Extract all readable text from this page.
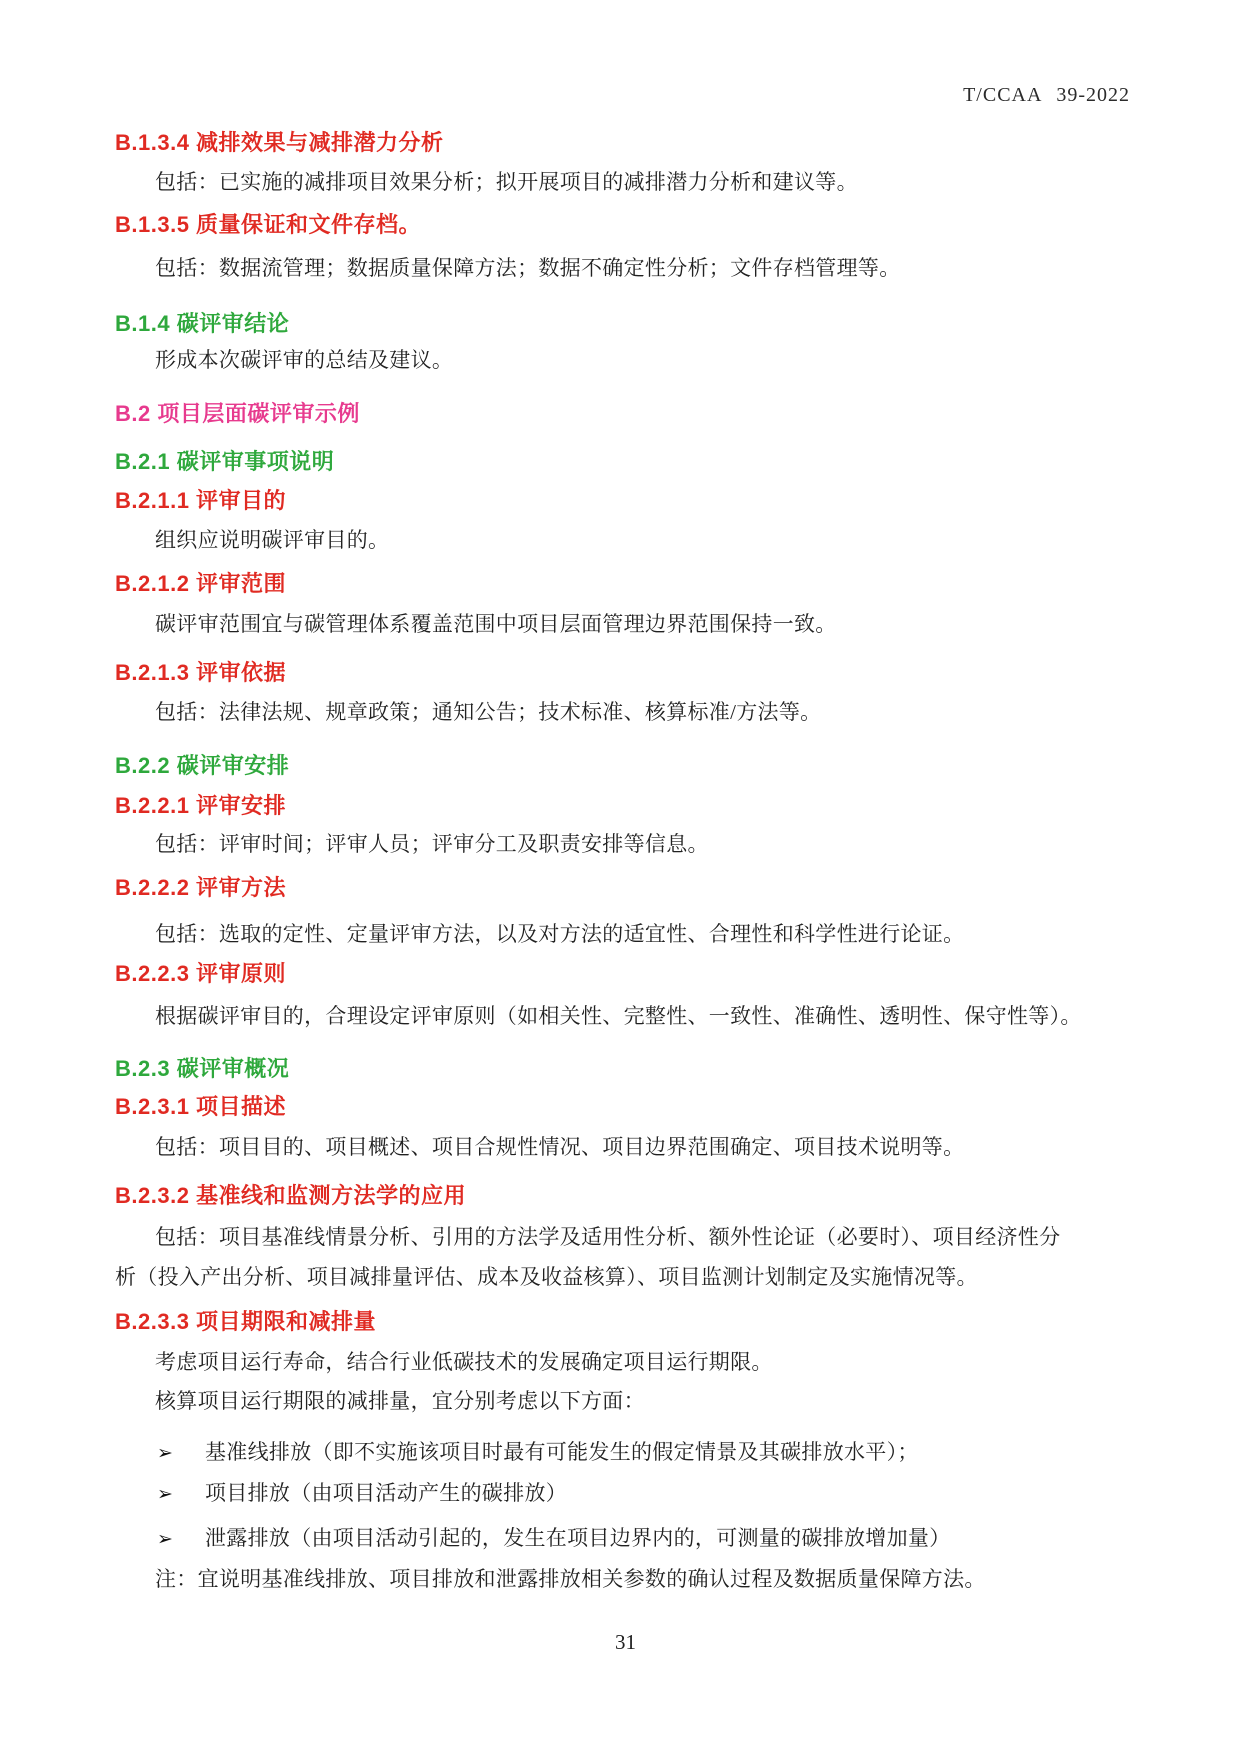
T/CCAA 39-2022
B.1.3.4 减排效果与减排潜力分析
包括：已实施的减排项目效果分析；拟开展项目的减排潜力分析和建议等。
B.1.3.5 质量保证和文件存档。
包括：数据流管理；数据质量保障方法；数据不确定性分析；文件存档管理等。
B.1.4 碳评审结论
形成本次碳评审的总结及建议。
B.2 项目层面碳评审示例
B.2.1 碳评审事项说明
B.2.1.1 评审目的
组织应说明碳评审目的。
B.2.1.2 评审范围
碳评审范围宜与碳管理体系覆盖范围中项目层面管理边界范围保持一致。
B.2.1.3 评审依据
包括：法律法规、规章政策；通知公告；技术标准、核算标准/方法等。
B.2.2 碳评审安排
B.2.2.1 评审安排
包括：评审时间；评审人员；评审分工及职责安排等信息。
B.2.2.2 评审方法
包括：选取的定性、定量评审方法，以及对方法的适宜性、合理性和科学性进行论证。
B.2.2.3 评审原则
根据碳评审目的，合理设定评审原则（如相关性、完整性、一致性、准确性、透明性、保守性等）。
B.2.3 碳评审概况
B.2.3.1 项目描述
包括：项目目的、项目概述、项目合规性情况、项目边界范围确定、项目技术说明等。
B.2.3.2 基准线和监测方法学的应用
包括：项目基准线情景分析、引用的方法学及适用性分析、额外性论证（必要时）、项目经济性分
析（投入产出分析、项目减排量评估、成本及收益核算）、项目监测计划制定及实施情况等。
B.2.3.3 项目期限和减排量
考虑项目运行寿命，结合行业低碳技术的发展确定项目运行期限。
核算项目运行期限的减排量，宜分别考虑以下方面：
➢	基准线排放（即不实施该项目时最有可能发生的假定情景及其碳排放水平）；
➢	项目排放（由项目活动产生的碳排放）
➢	泄露排放（由项目活动引起的，发生在项目边界内的，可测量的碳排放增加量）
注：宜说明基准线排放、项目排放和泄露排放相关参数的确认过程及数据质量保障方法。
31
